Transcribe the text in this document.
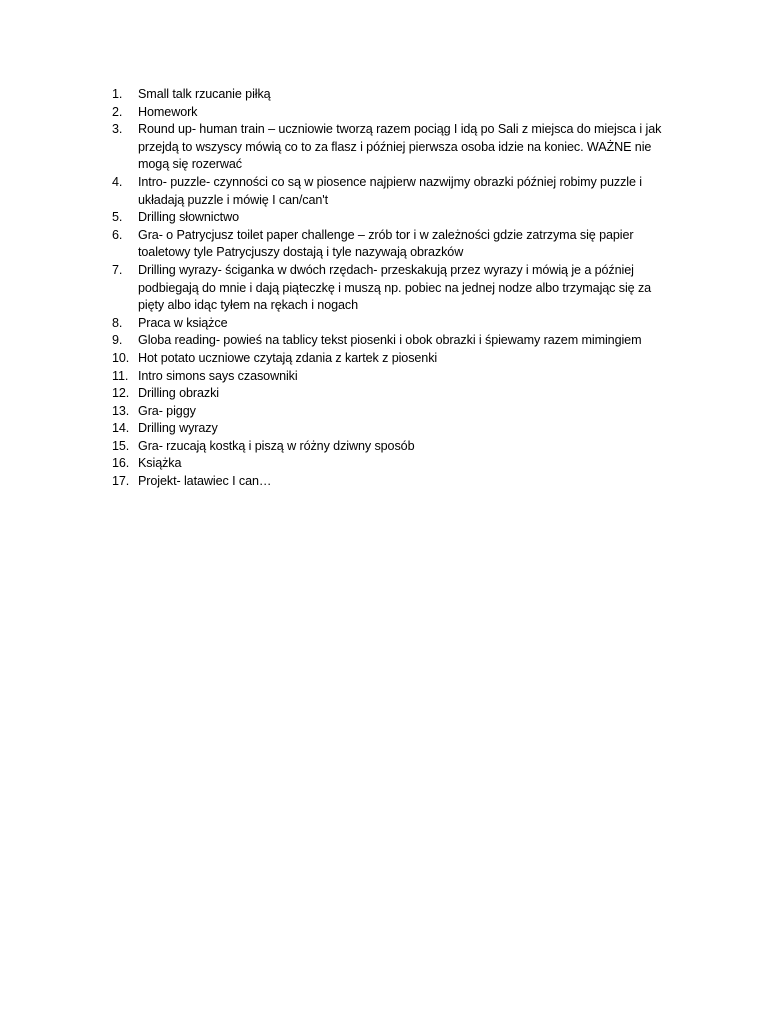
1.	Small talk rzucanie piłką
2.	Homework
3.	Round up- human train – uczniowie tworzą razem pociąg I idą po Sali z miejsca do miejsca i jak przejdą to wszyscy mówią co to za flasz i później pierwsza osoba idzie na koniec. WAŻNE nie mogą się rozerwać
4.	Intro- puzzle- czynności co są w piosence najpierw nazwijmy obrazki później robimy puzzle i układają puzzle i mówię I can/can't
5.	Drilling słownictwo
6.	Gra- o Patrycjusz toilet paper challenge – zrób tor i w zależności gdzie zatrzyma się papier toaletowy tyle Patrycjuszy dostają i tyle nazywają obrazków
7.	Drilling wyrazy- ściganka w dwóch rzędach- przeskakują przez wyrazy i mówią je a później podbiegają do mnie i dają piąteczkę i muszą np. pobiec na jednej nodze albo trzymając się za pięty albo idąc tyłem na rękach i nogach
8.	Praca w książce
9.	Globa reading- powieś na tablicy tekst piosenki i obok obrazki i śpiewamy razem mimingiem
10. Hot potato uczniowe czytają zdania z kartek z piosenki
11. Intro simons says czasowniki
12. Drilling obrazki
13. Gra- piggy
14. Drilling wyrazy
15. Gra- rzucają kostką i piszą w różny dziwny sposób
16. Książka
17. Projekt- latawiec I can…
